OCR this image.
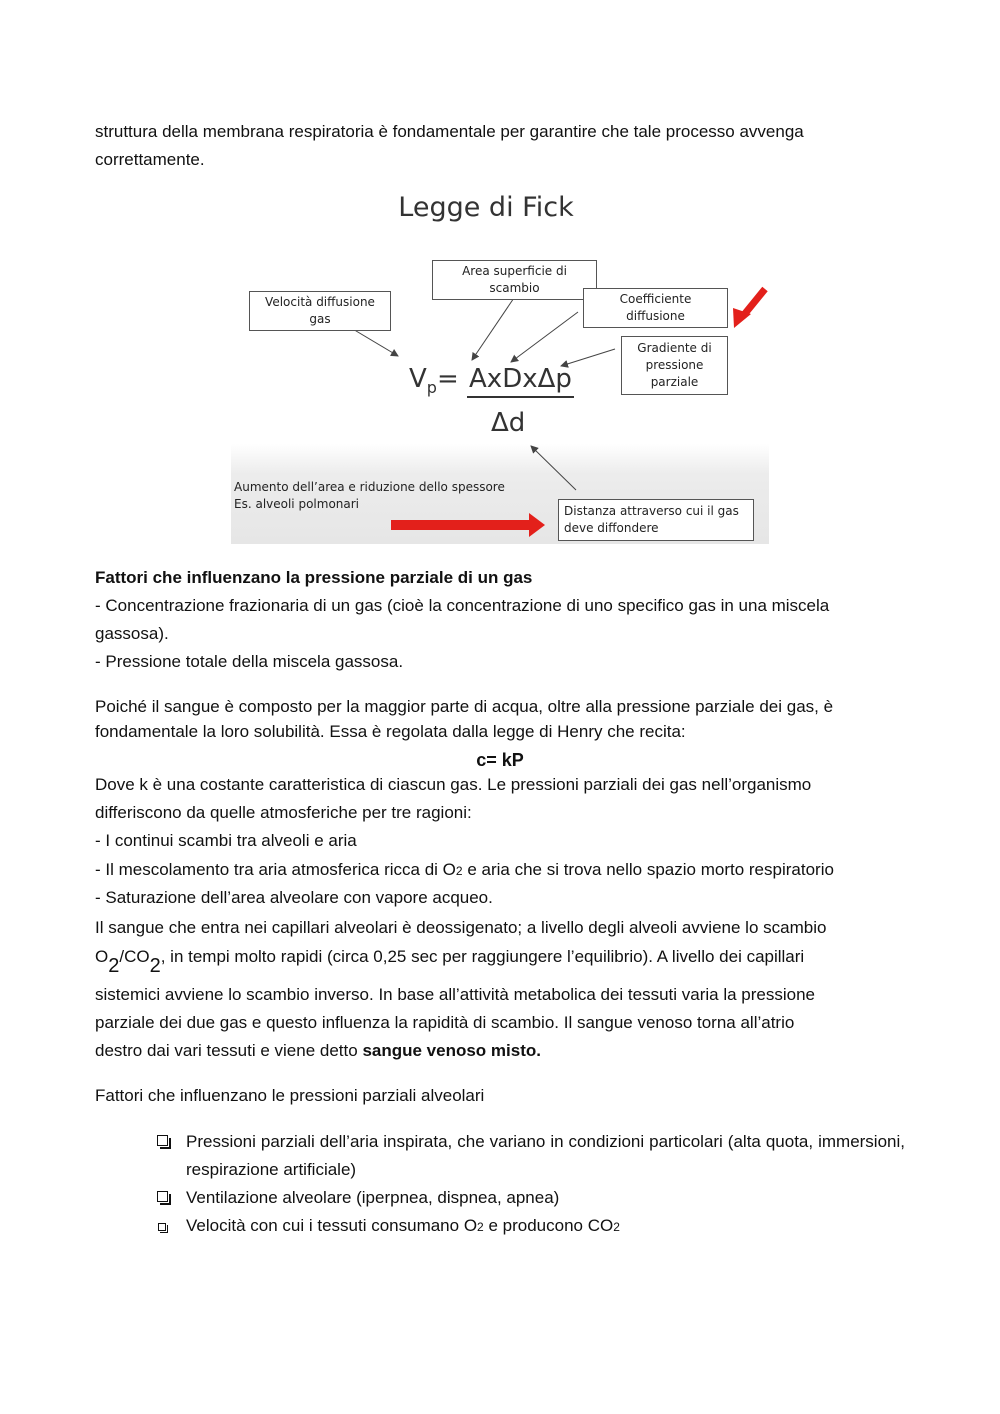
struttura della membrana respiratoria è fondamentale per garantire che tale processo avvenga

correttamente.

Legge di Fick
Area superficie di scambio
Velocità diffusione gas
Coefficiente diffusione
Gradiente di
pressione
parziale
$V_p=$ AxDxΔp
Δd
Aumento dell’area e riduzione dello spessore
Es. alveoli polmonari	Distanza attraverso cui il gas
deve diffondere

Fattori che influenzano la pressione parziale di un gas

- Concentrazione frazionaria di un gas (cioè la concentrazione di uno specifico gas in una miscela

gassosa).

- Pressione totale della miscela gassosa.

Poiché il sangue è composto per la maggior parte di acqua, oltre alla pressione parziale dei gas, è

fondamentale la loro solubilità. Essa è regolata dalla legge di Henry che recita:

c= kP

Dove k è una costante caratteristica di ciascun gas. Le pressioni parziali dei gas nell’organismo

differiscono da quelle atmosferiche per tre ragioni:

- I continui scambi tra alveoli e aria

- Il mescolamento tra aria atmosferica ricca di O2 e aria che si trova nello spazio morto respiratorio

- Saturazione dell’area alveolare con vapore acqueo.

Il sangue che entra nei capillari alveolari è deossigenato; a livello degli alveoli avviene lo scambio

$O_2/CO_2$, in tempi molto rapidi (circa 0,25 sec per raggiungere l’equilibrio). A livello dei capillari

sistemici avviene lo scambio inverso. In base all’attività metabolica dei tessuti varia la pressione

parziale dei due gas e questo influenza la rapidità di scambio. Il sangue venoso torna all’atrio

destro dai vari tessuti e viene detto sangue venoso misto.

Fattori che influenzano le pressioni parziali alveolari

Pressioni parziali dell’aria inspirata, che variano in condizioni particolari (alta quota, immersioni, respirazione artificiale)
Ventilazione alveolare (iperpnea, dispnea, apnea)
Velocità con cui i tessuti consumano O2 e producono CO2
